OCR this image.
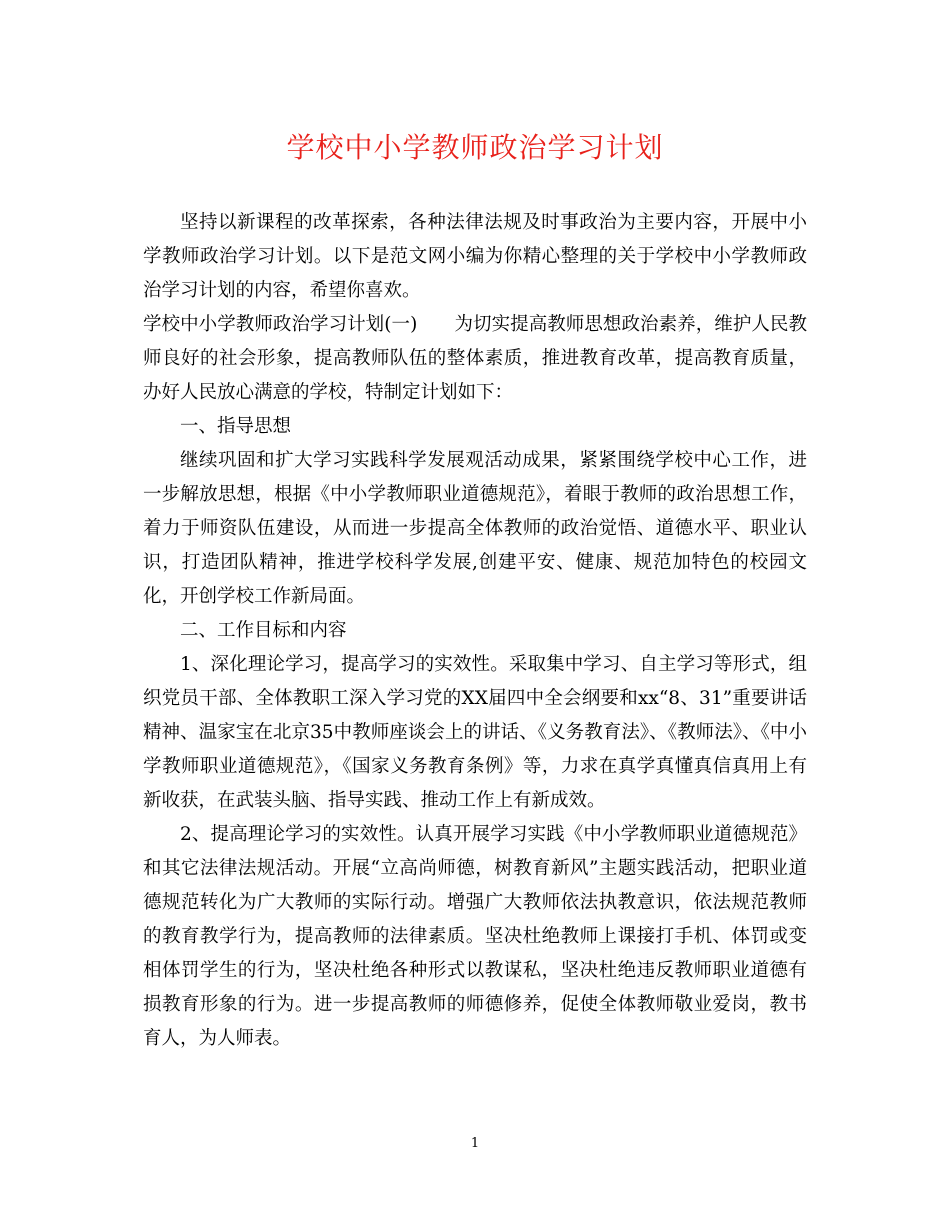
学校中小学教师政治学习计划

坚持以新课程的改革探索，各种法律法规及时事政治为主要内容，开展中小学教师政治学习计划。以下是范文网小编为你精心整理的关于学校中小学教师政治学习计划的内容，希望你喜欢。

学校中小学教师政治学习计划(一)　　为切实提高教师思想政治素养，维护人民教师良好的社会形象，提高教师队伍的整体素质，推进教育改革，提高教育质量，办好人民放心满意的学校，特制定计划如下：

一、指导思想

继续巩固和扩大学习实践科学发展观活动成果，紧紧围绕学校中心工作，进一步解放思想，根据《中小学教师职业道德规范》，着眼于教师的政治思想工作，着力于师资队伍建设，从而进一步提高全体教师的政治觉悟、道德水平、职业认识，打造团队精神，推进学校科学发展,创建平安、健康、规范加特色的校园文化，开创学校工作新局面。

二、工作目标和内容

1、深化理论学习，提高学习的实效性。采取集中学习、自主学习等形式，组织党员干部、全体教职工深入学习党的XX届四中全会纲要和xx“8、31”重要讲话精神、温家宝在北京35中教师座谈会上的讲话、《义务教育法》、《教师法》、《中小学教师职业道德规范》，《国家义务教育条例》等，力求在真学真懂真信真用上有新收获，在武装头脑、指导实践、推动工作上有新成效。

2、提高理论学习的实效性。认真开展学习实践《中小学教师职业道德规范》和其它法律法规活动。开展“立高尚师德，树教育新风”主题实践活动，把职业道德规范转化为广大教师的实际行动。增强广大教师依法执教意识，依法规范教师的教育教学行为，提高教师的法律素质。坚决杜绝教师上课接打手机、体罚或变相体罚学生的行为，坚决杜绝各种形式以教谋私，坚决杜绝违反教师职业道德有损教育形象的行为。进一步提高教师的师德修养，促使全体教师敬业爱岗，教书育人，为人师表。

1
